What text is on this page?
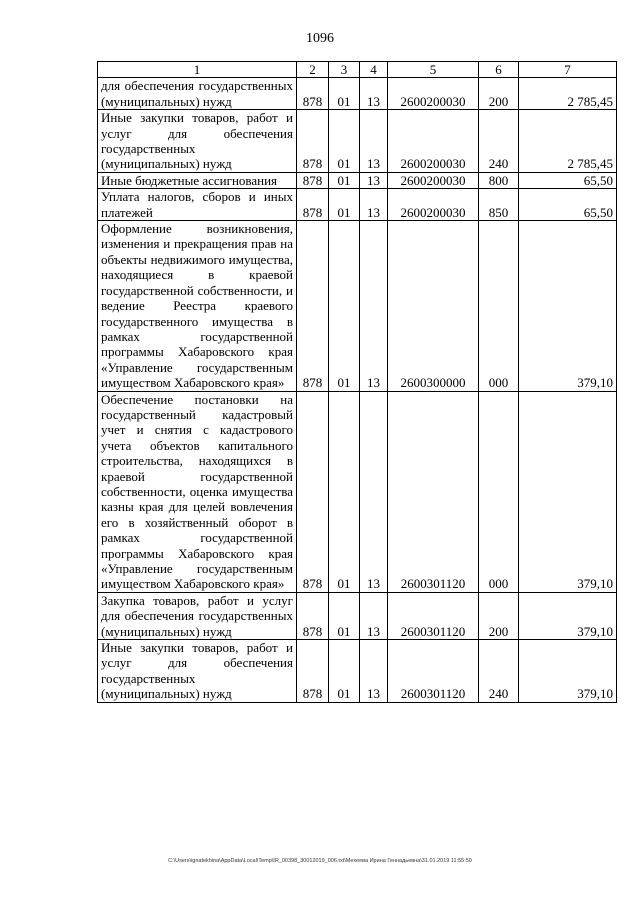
1096
1	2	3	4	5	6	7
для обеспечения государственных (муниципальных) нужд	878	01	13	2600200030	200	2 785,45
Иные закупки товаров, работ и услуг для обеспечения государственных (муниципальных) нужд	878	01	13	2600200030	240	2 785,45
Иные бюджетные ассигнования	878	01	13	2600200030	800	65,50
Уплата налогов, сборов и иных платежей	878	01	13	2600200030	850	65,50
Оформление возникновения, изменения и прекращения прав на объекты недвижимого имущества, находящиеся в краевой государственной собственности, и ведение Реестра краевого государственного имущества в рамках государственной программы Хабаровского края «Управление государственным имуществом Хабаровского края»	878	01	13	2600300000	000	379,10
Обеспечение постановки на государственный кадастровый учет и снятия с кадастрового учета объектов капитального строительства, находящихся в краевой государственной собственности, оценка имущества казны края для целей вовлечения его в хозяйственный оборот в рамках государственной программы Хабаровского края «Управление государственным имуществом Хабаровского края»	878	01	13	2600301120	000	379,10
Закупка товаров, работ и услуг для обеспечения государственных (муниципальных) нужд	878	01	13	2600301120	200	379,10
Иные закупки товаров, работ и услуг для обеспечения государственных (муниципальных) нужд	878	01	13	2600301120	240	379,10
C:\Users\ignatekhina\AppData\Local\Temp\IR_00398_30012019_006.txt\Мехеева Ирина Геннадьевна\31.01.2019 11:55:50
